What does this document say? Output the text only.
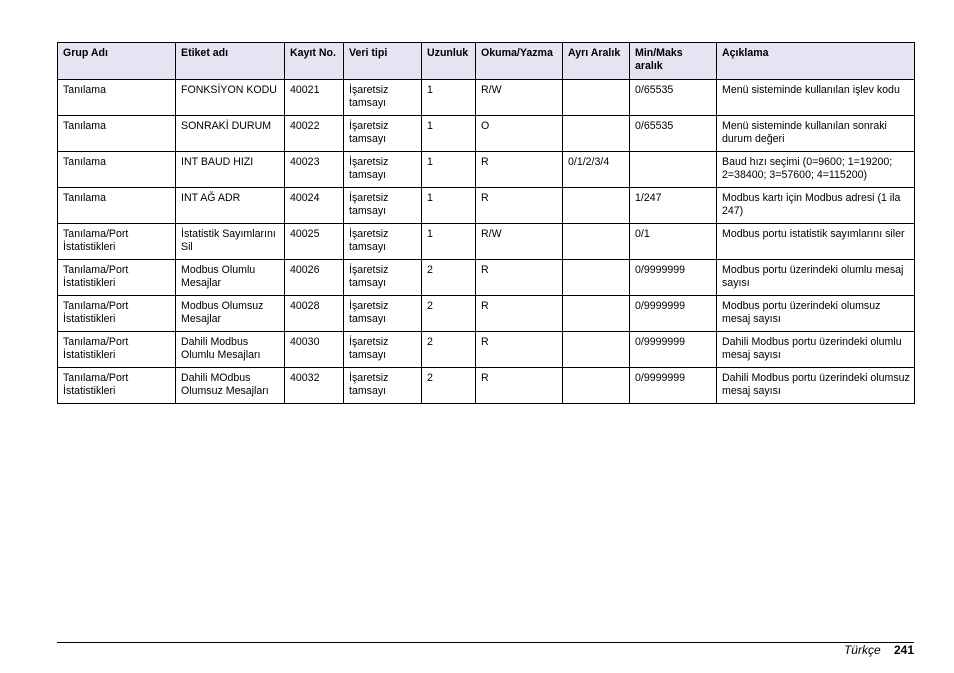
Grup Adı	Etiket adı	Kayıt No.	Veri tipi	Uzunluk	Okuma/Yazma	Ayrı Aralık	Min/Maks aralık	Açıklama
Tanılama	FONKSİYON KODU	40021	İşaretsiz tamsayı	1	R/W		0/65535	Menü sisteminde kullanılan işlev kodu
Tanılama	SONRAKİ DURUM	40022	İşaretsiz tamsayı	1	O		0/65535	Menü sisteminde kullanılan sonraki durum değeri
Tanılama	INT BAUD HIZI	40023	İşaretsiz tamsayı	1	R	0/1/2/3/4		Baud hızı seçimi (0=9600; 1=19200; 2=38400; 3=57600; 4=115200)
Tanılama	INT AĞ ADR	40024	İşaretsiz tamsayı	1	R		1/247	Modbus kartı için Modbus adresi (1 ila 247)
Tanılama/Port İstatistikleri	İstatistik Sayımlarını Sil	40025	İşaretsiz tamsayı	1	R/W		0/1	Modbus portu istatistik sayımlarını siler
Tanılama/Port İstatistikleri	Modbus Olumlu Mesajlar	40026	İşaretsiz tamsayı	2	R		0/9999999	Modbus portu üzerindeki olumlu mesaj sayısı
Tanılama/Port İstatistikleri	Modbus Olumsuz Mesajlar	40028	İşaretsiz tamsayı	2	R		0/9999999	Modbus portu üzerindeki olumsuz mesaj sayısı
Tanılama/Port İstatistikleri	Dahili Modbus Olumlu Mesajları	40030	İşaretsiz tamsayı	2	R		0/9999999	Dahili Modbus portu üzerindeki olumlu mesaj sayısı
Tanılama/Port İstatistikleri	Dahili MOdbus Olumsuz Mesajları	40032	İşaretsiz tamsayı	2	R		0/9999999	Dahili Modbus portu üzerindeki olumsuz mesaj sayısı
Türkçe 241
